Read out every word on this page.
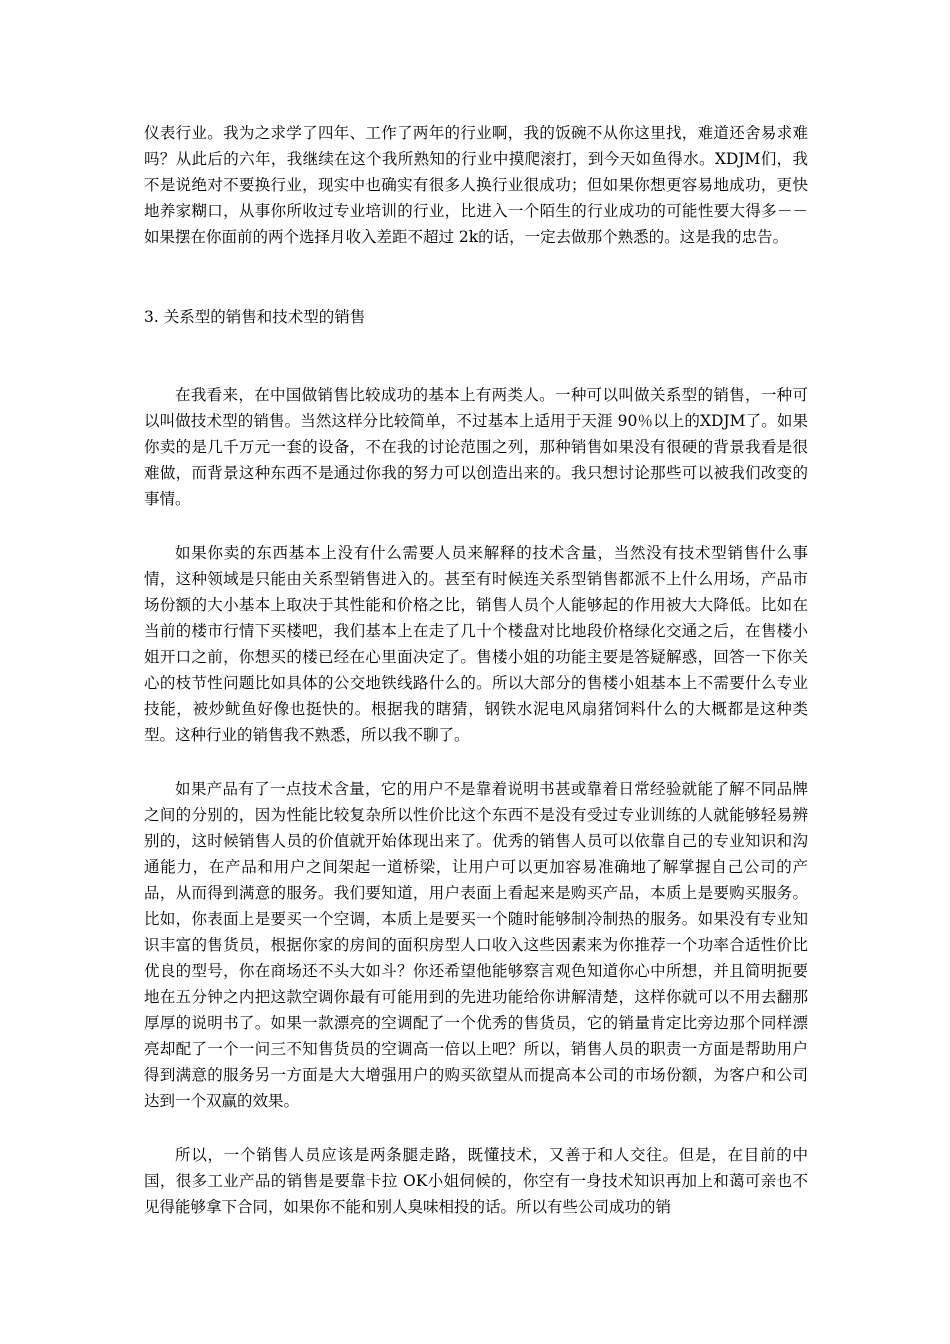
仪表行业。我为之求学了四年、工作了两年的行业啊，我的饭碗不从你这里找，难道还舍易求难吗？从此后的六年，我继续在这个我所熟知的行业中摸爬滚打，到今天如鱼得水。XDJM们，我不是说绝对不要换行业，现实中也确实有很多人换行业很成功；但如果你想更容易地成功，更快地养家糊口，从事你所收过专业培训的行业，比进入一个陌生的行业成功的可能性要大得多－－如果摆在你面前的两个选择月收入差距不超过 2k的话，一定去做那个熟悉的。这是我的忠告。

3. 关系型的销售和技术型的销售

在我看来，在中国做销售比较成功的基本上有两类人。一种可以叫做关系型的销售，一种可以叫做技术型的销售。当然这样分比较简单，不过基本上适用于天涯 90％以上的XDJM了。如果你卖的是几千万元一套的设备，不在我的讨论范围之列，那种销售如果没有很硬的背景我看是很难做，而背景这种东西不是通过你我的努力可以创造出来的。我只想讨论那些可以被我们改变的事情。

如果你卖的东西基本上没有什么需要人员来解释的技术含量，当然没有技术型销售什么事情，这种领域是只能由关系型销售进入的。甚至有时候连关系型销售都派不上什么用场，产品市场份额的大小基本上取决于其性能和价格之比，销售人员个人能够起的作用被大大降低。比如在当前的楼市行情下买楼吧，我们基本上在走了几十个楼盘对比地段价格绿化交通之后，在售楼小姐开口之前，你想买的楼已经在心里面决定了。售楼小姐的功能主要是答疑解惑，回答一下你关心的枝节性问题比如具体的公交地铁线路什么的。所以大部分的售楼小姐基本上不需要什么专业技能，被炒鱿鱼好像也挺快的。根据我的瞎猜，钢铁水泥电风扇猪饲料什么的大概都是这种类型。这种行业的销售我不熟悉，所以我不聊了。

如果产品有了一点技术含量，它的用户不是靠着说明书甚或靠着日常经验就能了解不同品牌之间的分别的，因为性能比较复杂所以性价比这个东西不是没有受过专业训练的人就能够轻易辨别的，这时候销售人员的价值就开始体现出来了。优秀的销售人员可以依靠自己的专业知识和沟通能力，在产品和用户之间架起一道桥梁，让用户可以更加容易准确地了解掌握自己公司的产品，从而得到满意的服务。我们要知道，用户表面上看起来是购买产品，本质上是要购买服务。比如，你表面上是要买一个空调，本质上是要买一个随时能够制冷制热的服务。如果没有专业知识丰富的售货员，根据你家的房间的面积房型人口收入这些因素来为你推荐一个功率合适性价比优良的型号，你在商场还不头大如斗？你还希望他能够察言观色知道你心中所想，并且简明扼要地在五分钟之内把这款空调你最有可能用到的先进功能给你讲解清楚，这样你就可以不用去翻那厚厚的说明书了。如果一款漂亮的空调配了一个优秀的售货员，它的销量肯定比旁边那个同样漂亮却配了一个一问三不知售货员的空调高一倍以上吧？所以，销售人员的职责一方面是帮助用户得到满意的服务另一方面是大大增强用户的购买欲望从而提高本公司的市场份额，为客户和公司达到一个双赢的效果。

所以，一个销售人员应该是两条腿走路，既懂技术，又善于和人交往。但是，在目前的中国，很多工业产品的销售是要靠卡拉 OK小姐伺候的，你空有一身技术知识再加上和蔼可亲也不见得能够拿下合同，如果你不能和别人臭味相投的话。所以有些公司成功的销
